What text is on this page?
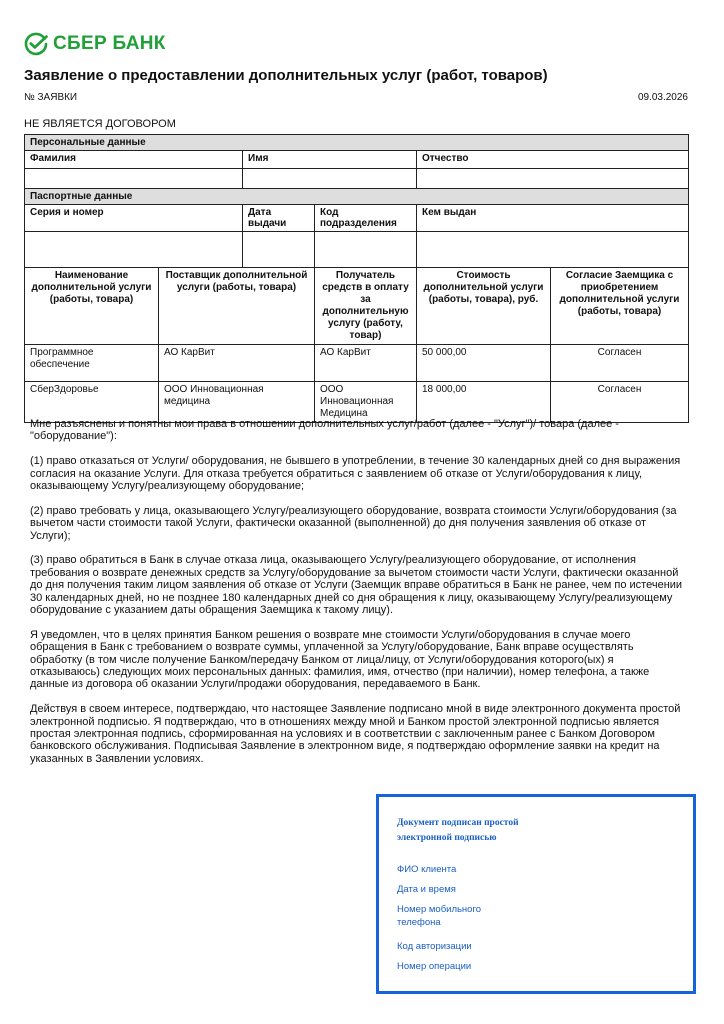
СБЕР БАНК
Заявление о предоставлении дополнительных услуг (работ, товаров)
№ ЗАЯВКИ	09.03.2026
НЕ ЯВЛЯЕТСЯ ДОГОВОРОМ
Персональные данные					
Фамилия		Имя		Отчество	

Паспортные данные					
Серия и номер		Дата выдачи	Код подразделения	Кем выдан	

Наименование дополнительной услуги (работы, товара)	Поставщик дополнительной услуги (работы, товара)		Получатель средств в оплату за дополнительную услугу (работу, товар)	Стоимость дополнительной услуги (работы, товара), руб.	Согласие Заемщика с приобретением дополнительной услуги (работы, товара)
Программное обеспечение	АО КарВит		АО КарВит	50 000,00	Согласен
СберЗдоровье	ООО Инновационная медицина		ООО Инновационная Медицина	18 000,00	Согласен

Мне разъяснены и понятны мои права в отношении дополнительных услуг/работ (далее - "Услуг")/ товара (далее - "оборудование"):

(1) право отказаться от Услуги/ оборудования, не бывшего в употреблении, в течение 30 календарных дней со дня выражения согласия на оказание Услуги. Для отказа требуется обратиться с заявлением об отказе от Услуги/оборудования к лицу, оказывающему Услугу/реализующему оборудование;

(2) право требовать у лица, оказывающего Услугу/реализующего оборудование, возврата стоимости Услуги/оборудования (за вычетом части стоимости такой Услуги, фактически оказанной (выполненной) до дня получения заявления об отказе от Услуги);

(3) право обратиться в Банк в случае отказа лица, оказывающего Услугу/реализующего оборудование, от исполнения требования о возврате денежных средств за Услугу/оборудование за вычетом стоимости части Услуги, фактически оказанной до дня получения таким лицом заявления об отказе от Услуги (Заемщик вправе обратиться в Банк не ранее, чем по истечении 30 календарных дней, но не позднее 180 календарных дней со дня обращения к лицу, оказывающему Услугу/реализующему оборудование с указанием даты обращения Заемщика к такому лицу).

Я уведомлен, что в целях принятия Банком решения о возврате мне стоимости Услуги/оборудования в случае моего обращения в Банк с требованием о возврате суммы, уплаченной за Услугу/оборудование, Банк вправе осуществлять обработку (в том числе получение Банком/передачу Банком от лица/лицу, от Услуги/оборудования которого(ых) я отказываюсь) следующих моих персональных данных: фамилия, имя, отчество (при наличии), номер телефона, а также данные из договора об оказании Услуги/продажи оборудования, передаваемого в Банк.

Действуя в своем интересе, подтверждаю, что настоящее Заявление подписано мной в виде электронного документа простой электронной подписью. Я подтверждаю, что в отношениях между мной и Банком простой электронной подписью является простая электронная подпись, сформированная на условиях и в соответствии с заключенным ранее с Банком Договором банковского обслуживания. Подписывая Заявление в электронном виде, я подтверждаю оформление заявки на кредит на указанных в Заявлении условиях.

Документ подписан простой электронной подписью
ФИО клиента
Дата и время
Номер мобильного телефона
Код авторизации
Номер операции
